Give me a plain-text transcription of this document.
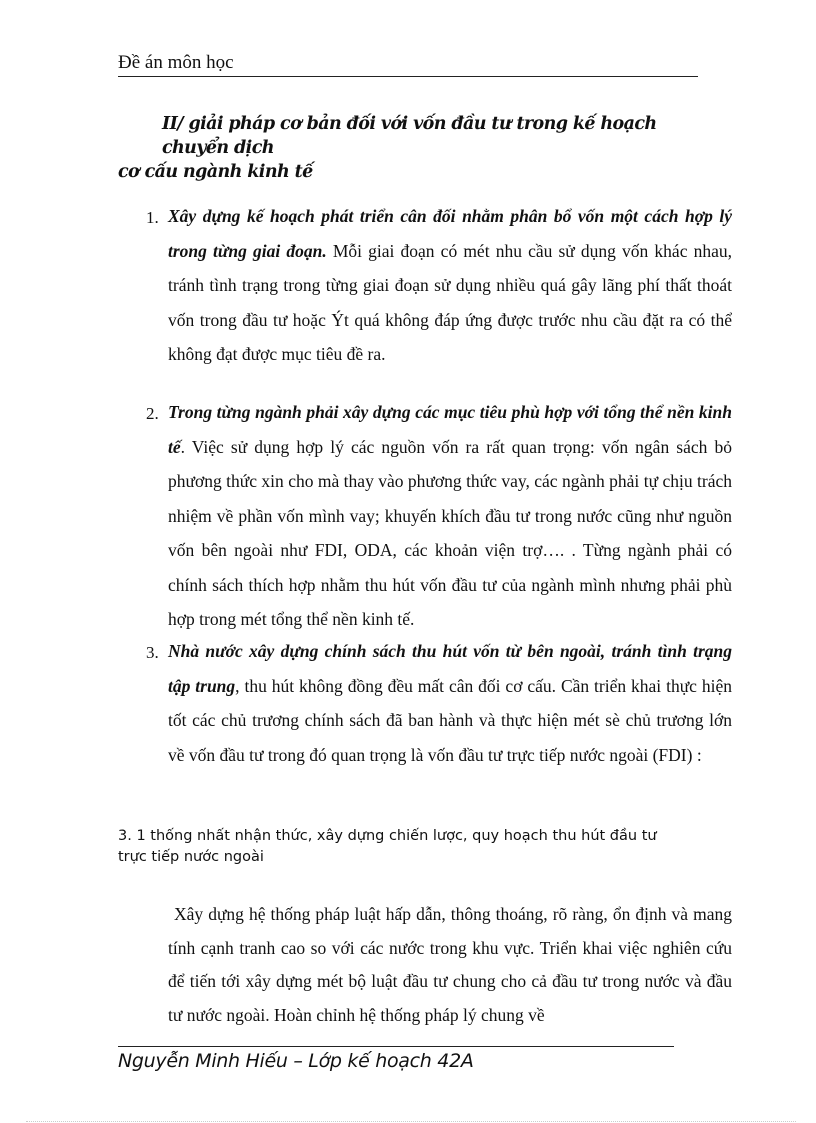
Đề án môn học
II/ giải pháp cơ bản đối với vốn đầu tư trong kế hoạch chuyển dịch
cơ cấu ngành kinh tế
1. Xây dựng kế hoạch phát triển cân đối nhằm phân bổ vốn một cách hợp lý trong từng giai đoạn. Mỗi giai đoạn có mét nhu cầu sử dụng vốn khác nhau, tránh tình trạng trong từng giai đoạn sử dụng nhiều quá gây lãng phí thất thoát vốn trong đầu tư hoặc Ýt quá không đáp ứng được trước nhu cầu đặt ra có thể không đạt được mục tiêu đề ra.
2. Trong từng ngành phải xây dựng các mục tiêu phù hợp với tổng thể nền kinh tế. Việc sử dụng hợp lý các nguồn vốn ra rất quan trọng: vốn ngân sách bỏ phương thức xin cho mà thay vào phương thức vay, các ngành phải tự chịu trách nhiệm về phần vốn mình vay; khuyến khích đầu tư trong nước cũng như nguồn vốn bên ngoài như FDI, ODA, các khoản viện trợ…. . Từng ngành phải có chính sách thích hợp nhằm thu hút vốn đầu tư của ngành mình nhưng phải phù hợp trong mét tổng thể nền kinh tế.
3. Nhà nước xây dựng chính sách thu hút vốn từ bên ngoài, tránh tình trạng tập trung, thu hút không đồng đều mất cân đối cơ cấu. Cần triển khai thực hiện tốt các chủ trương chính sách đã ban hành và thực hiện mét sè chủ trương lớn về vốn đầu tư trong đó quan trọng là vốn đầu tư trực tiếp nước ngoài (FDI) :
3. 1 thống nhất nhận thức, xây dựng chiến lược, quy hoạch thu hút đầu tư
trực tiếp nước ngoài
Xây dựng hệ thống pháp luật hấp dẫn, thông thoáng, rõ ràng, ổn định và mang tính cạnh tranh cao so với các nước trong khu vực. Triển khai việc nghiên cứu để tiến tới xây dựng mét bộ luật đầu tư chung cho cả đầu tư trong nước và đầu tư nước ngoài. Hoàn chỉnh hệ thống pháp lý chung về
Nguyễn Minh Hiếu – Lớp kế hoạch 42A
